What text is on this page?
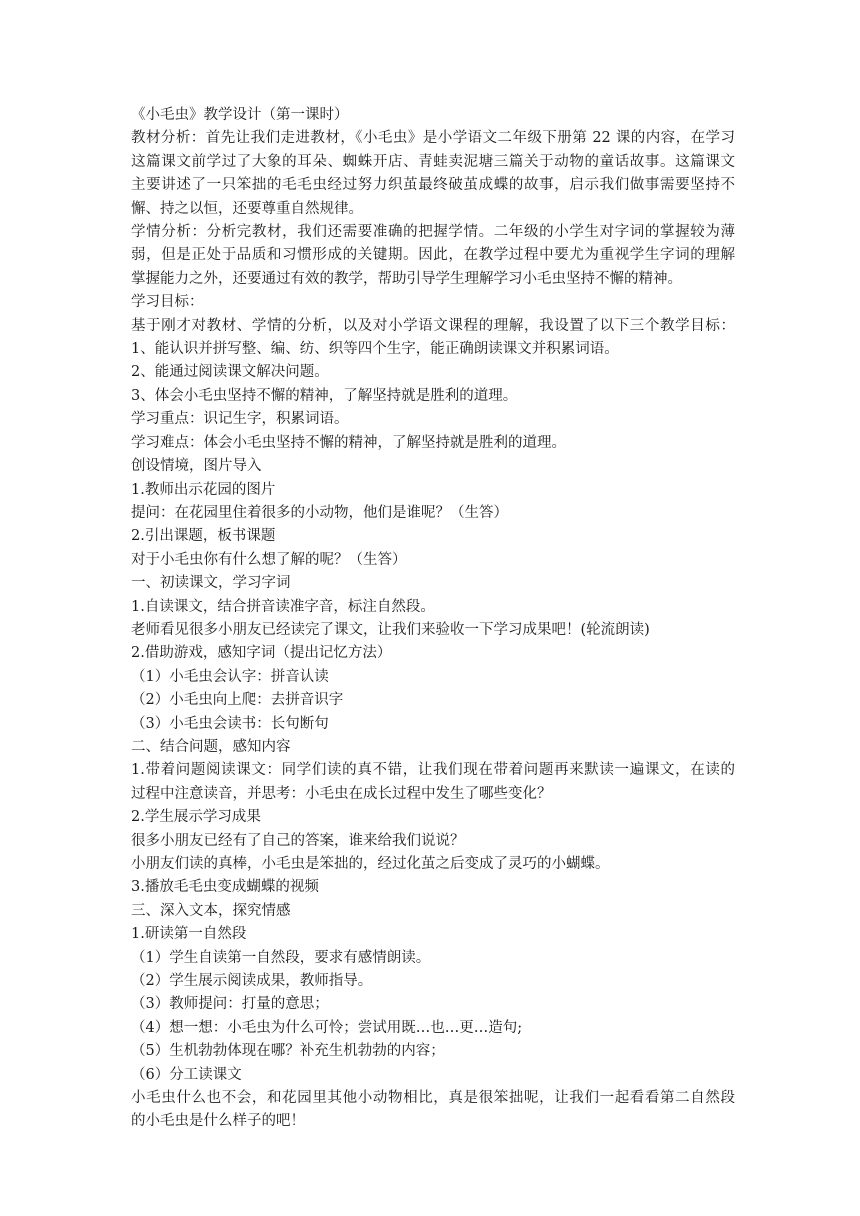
《小毛虫》教学设计（第一课时）

教材分析：首先让我们走进教材，《小毛虫》是小学语文二年级下册第 22 课的内容，在学习

这篇课文前学过了大象的耳朵、蜘蛛开店、青蛙卖泥塘三篇关于动物的童话故事。这篇课文

主要讲述了一只笨拙的毛毛虫经过努力织茧最终破茧成蝶的故事，启示我们做事需要坚持不

懈、持之以恒，还要尊重自然规律。

学情分析：分析完教材，我们还需要准确的把握学情。二年级的小学生对字词的掌握较为薄

弱，但是正处于品质和习惯形成的关键期。因此，在教学过程中要尤为重视学生字词的理解

掌握能力之外，还要通过有效的教学，帮助引导学生理解学习小毛虫坚持不懈的精神。

学习目标：

基于刚才对教材、学情的分析，以及对小学语文课程的理解，我设置了以下三个教学目标：

1、能认识并拼写整、编、纺、织等四个生字，能正确朗读课文并积累词语。

2、能通过阅读课文解决问题。

3、体会小毛虫坚持不懈的精神，了解坚持就是胜利的道理。

学习重点：识记生字，积累词语。

学习难点：体会小毛虫坚持不懈的精神，了解坚持就是胜利的道理。

创设情境，图片导入

1.教师出示花园的图片

提问：在花园里住着很多的小动物，他们是谁呢？（生答）

2.引出课题，板书课题

对于小毛虫你有什么想了解的呢？（生答）

一、初读课文，学习字词

1.自读课文，结合拼音读准字音，标注自然段。

老师看见很多小朋友已经读完了课文，让我们来验收一下学习成果吧！(轮流朗读)

2.借助游戏，感知字词（提出记忆方法）

（1）小毛虫会认字：拼音认读

（2）小毛虫向上爬：去拼音识字

（3）小毛虫会读书：长句断句

二、结合问题，感知内容

1.带着问题阅读课文：同学们读的真不错，让我们现在带着问题再来默读一遍课文，在读的

过程中注意读音，并思考：小毛虫在成长过程中发生了哪些变化？

2.学生展示学习成果

很多小朋友已经有了自己的答案，谁来给我们说说？

小朋友们读的真棒，小毛虫是笨拙的，经过化茧之后变成了灵巧的小蝴蝶。

3.播放毛毛虫变成蝴蝶的视频

三、深入文本，探究情感

1.研读第一自然段

（1）学生自读第一自然段，要求有感情朗读。

（2）学生展示阅读成果，教师指导。

（3）教师提问：打量的意思；

（4）想一想：小毛虫为什么可怜；尝试用既…也…更…造句;

（5）生机勃勃体现在哪？补充生机勃勃的内容；

（6）分工读课文

小毛虫什么也不会，和花园里其他小动物相比，真是很笨拙呢，让我们一起看看第二自然段

的小毛虫是什么样子的吧！
